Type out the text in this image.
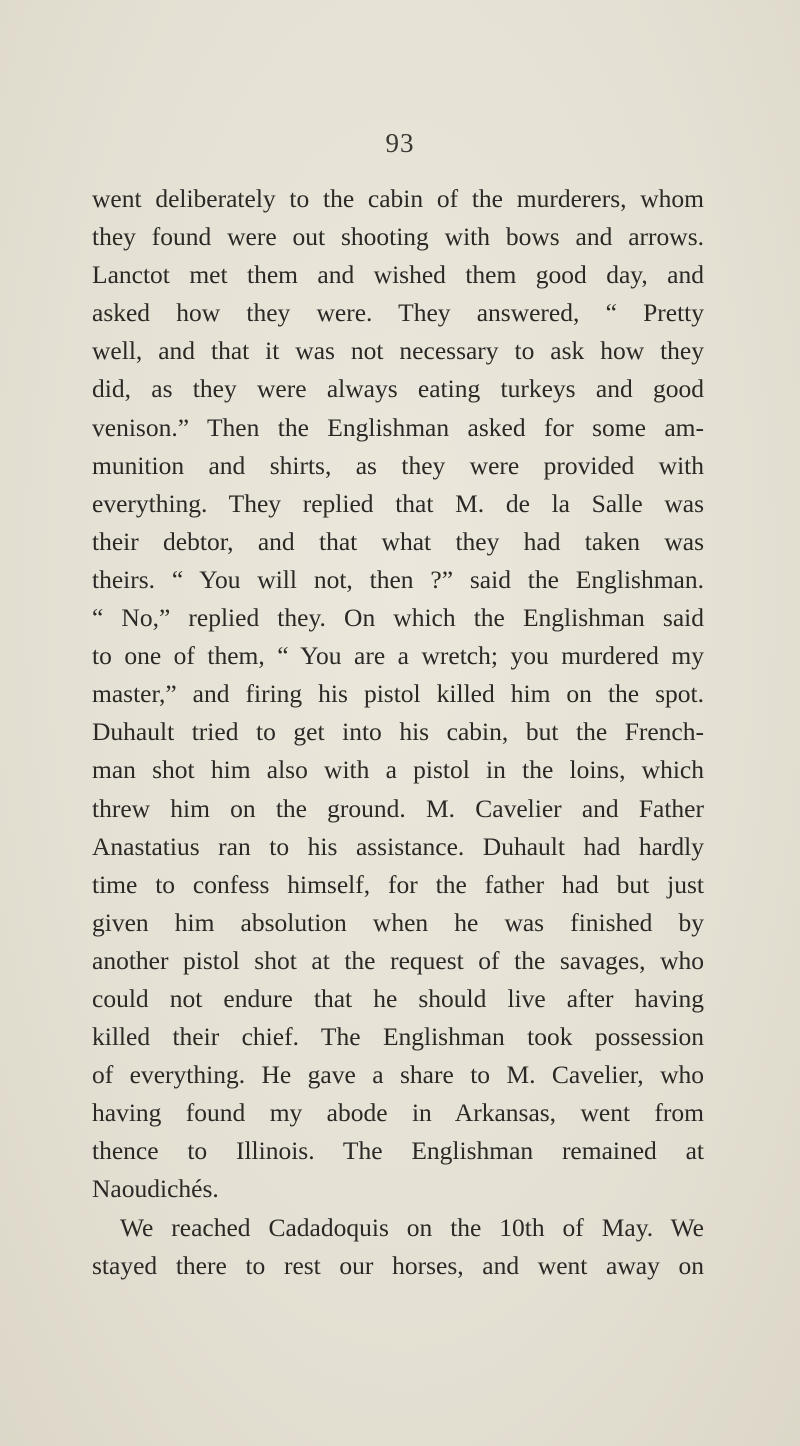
93
went deliberately to the cabin of the murderers, whom
they found were out shooting with bows and arrows.
Lanctot met them and wished them good day, and
asked how they were. They answered, “ Pretty
well, and that it was not necessary to ask how they
did, as they were always eating turkeys and good
venison.” Then the Englishman asked for some am-
munition and shirts, as they were provided with
everything. They replied that M. de la Salle was
their debtor, and that what they had taken was
theirs. “ You will not, then ?” said the Englishman.
“ No,” replied they. On which the Englishman said
to one of them, “ You are a wretch; you murdered my
master,” and firing his pistol killed him on the spot.
Duhault tried to get into his cabin, but the French-
man shot him also with a pistol in the loins, which
threw him on the ground. M. Cavelier and Father
Anastatius ran to his assistance. Duhault had hardly
time to confess himself, for the father had but just
given him absolution when he was finished by
another pistol shot at the request of the savages, who
could not endure that he should live after having
killed their chief. The Englishman took possession
of everything. He gave a share to M. Cavelier, who
having found my abode in Arkansas, went from
thence to Illinois. The Englishman remained at
Naoudichés.
We reached Cadadoquis on the 10th of May. We
stayed there to rest our horses, and went away on
